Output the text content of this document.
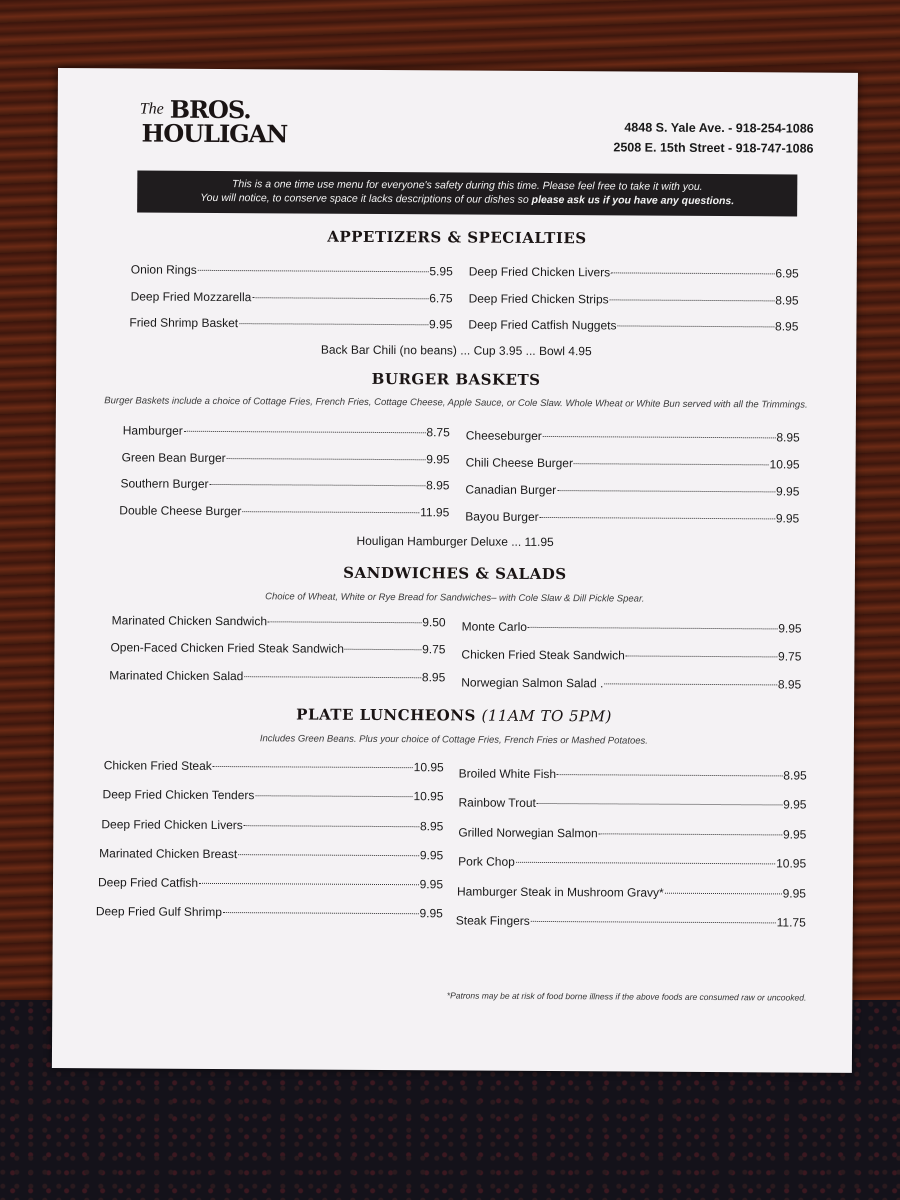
The BROS.
HOULIGAN	4848 S. Yale Ave. - 918-254-1086
2508 E. 15th Street - 918-747-1086
This is a one time use menu for everyone's safety during this time. Please feel free to take it with you.
You will notice, to conserve space it lacks descriptions of our dishes so please ask us if you have any questions.
APPETIZERS & SPECIALTIES
Onion Rings	5.95
Deep Fried Mozzarella	6.75
Fried Shrimp Basket	9.95
Deep Fried Chicken Livers	6.95
Deep Fried Chicken Strips	8.95
Deep Fried Catfish Nuggets	8.95
Back Bar Chili (no beans) ... Cup 3.95 ... Bowl 4.95
BURGER BASKETS
Burger Baskets include a choice of Cottage Fries, French Fries, Cottage Cheese, Apple Sauce, or Cole Slaw. Whole Wheat or White Bun served with all the Trimmings.
Hamburger	8.75
Green Bean Burger	9.95
Southern Burger	8.95
Double Cheese Burger	11.95
Cheeseburger	8.95
Chili Cheese Burger	10.95
Canadian Burger	9.95
Bayou Burger	9.95
Houligan Hamburger Deluxe ... 11.95
SANDWICHES & SALADS
Choice of Wheat, White or Rye Bread for Sandwiches– with Cole Slaw & Dill Pickle Spear.
Marinated Chicken Sandwich	9.50
Open-Faced Chicken Fried Steak Sandwich	9.75
Marinated Chicken Salad	8.95
Monte Carlo	9.95
Chicken Fried Steak Sandwich	9.75
Norwegian Salmon Salad .	8.95
PLATE LUNCHEONS (11AM TO 5PM)
Includes Green Beans. Plus your choice of Cottage Fries, French Fries or Mashed Potatoes.
Chicken Fried Steak	10.95
Deep Fried Chicken Tenders	10.95
Deep Fried Chicken Livers	8.95
Marinated Chicken Breast	9.95
Deep Fried Catfish	9.95
Deep Fried Gulf Shrimp	9.95
Broiled White Fish	8.95
Rainbow Trout	9.95
Grilled Norwegian Salmon	9.95
Pork Chop	10.95
Hamburger Steak in Mushroom Gravy*	9.95
Steak Fingers	11.75
*Patrons may be at risk of food borne illness if the above foods are consumed raw or uncooked.
